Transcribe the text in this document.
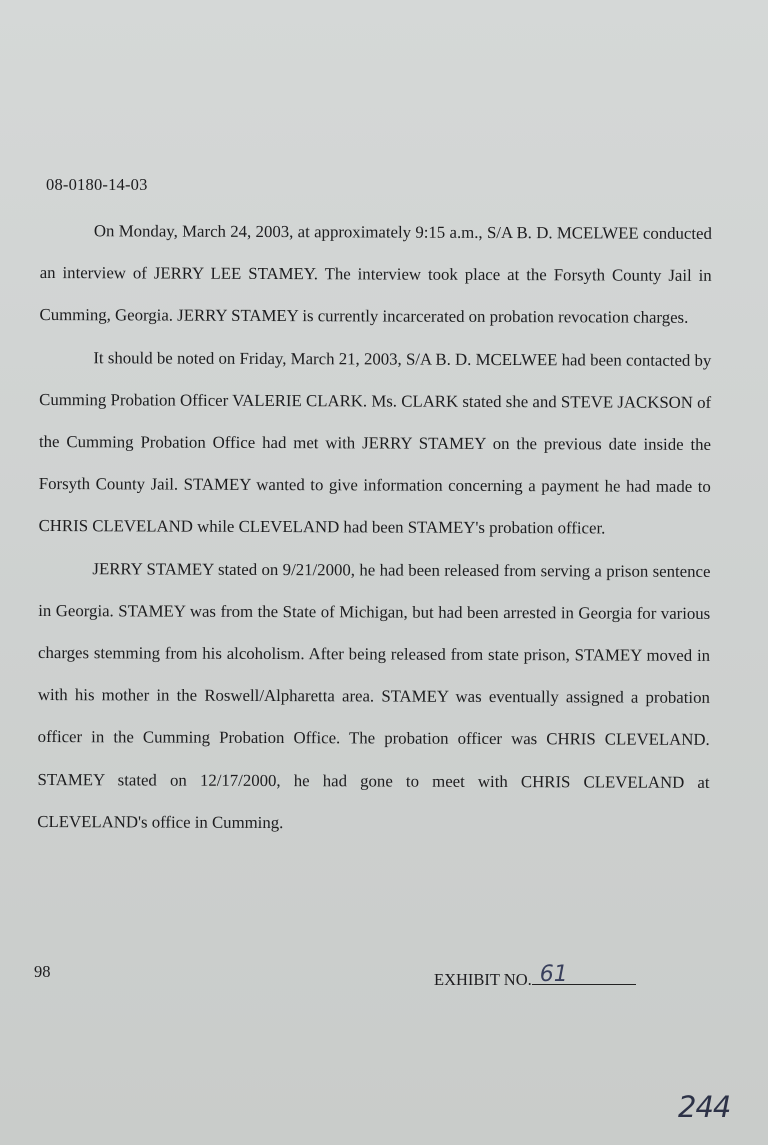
08-0180-14-03

On Monday, March 24, 2003, at approximately 9:15 a.m., S/A B. D. MCELWEE conducted an interview of JERRY LEE STAMEY. The interview took place at the Forsyth County Jail in Cumming, Georgia. JERRY STAMEY is currently incarcerated on probation revocation charges.

It should be noted on Friday, March 21, 2003, S/A B. D. MCELWEE had been contacted by Cumming Probation Officer VALERIE CLARK. Ms. CLARK stated she and STEVE JACKSON of the Cumming Probation Office had met with JERRY STAMEY on the previous date inside the Forsyth County Jail. STAMEY wanted to give information concerning a payment he had made to CHRIS CLEVELAND while CLEVELAND had been STAMEY's probation officer.

JERRY STAMEY stated on 9/21/2000, he had been released from serving a prison sentence in Georgia. STAMEY was from the State of Michigan, but had been arrested in Georgia for various charges stemming from his alcoholism. After being released from state prison, STAMEY moved in with his mother in the Roswell/Alpharetta area. STAMEY was eventually assigned a probation officer in the Cumming Probation Office. The probation officer was CHRIS CLEVELAND. STAMEY stated on 12/17/2000, he had gone to meet with CHRIS CLEVELAND at CLEVELAND's office in Cumming.

98	EXHIBIT NO. 61
244
